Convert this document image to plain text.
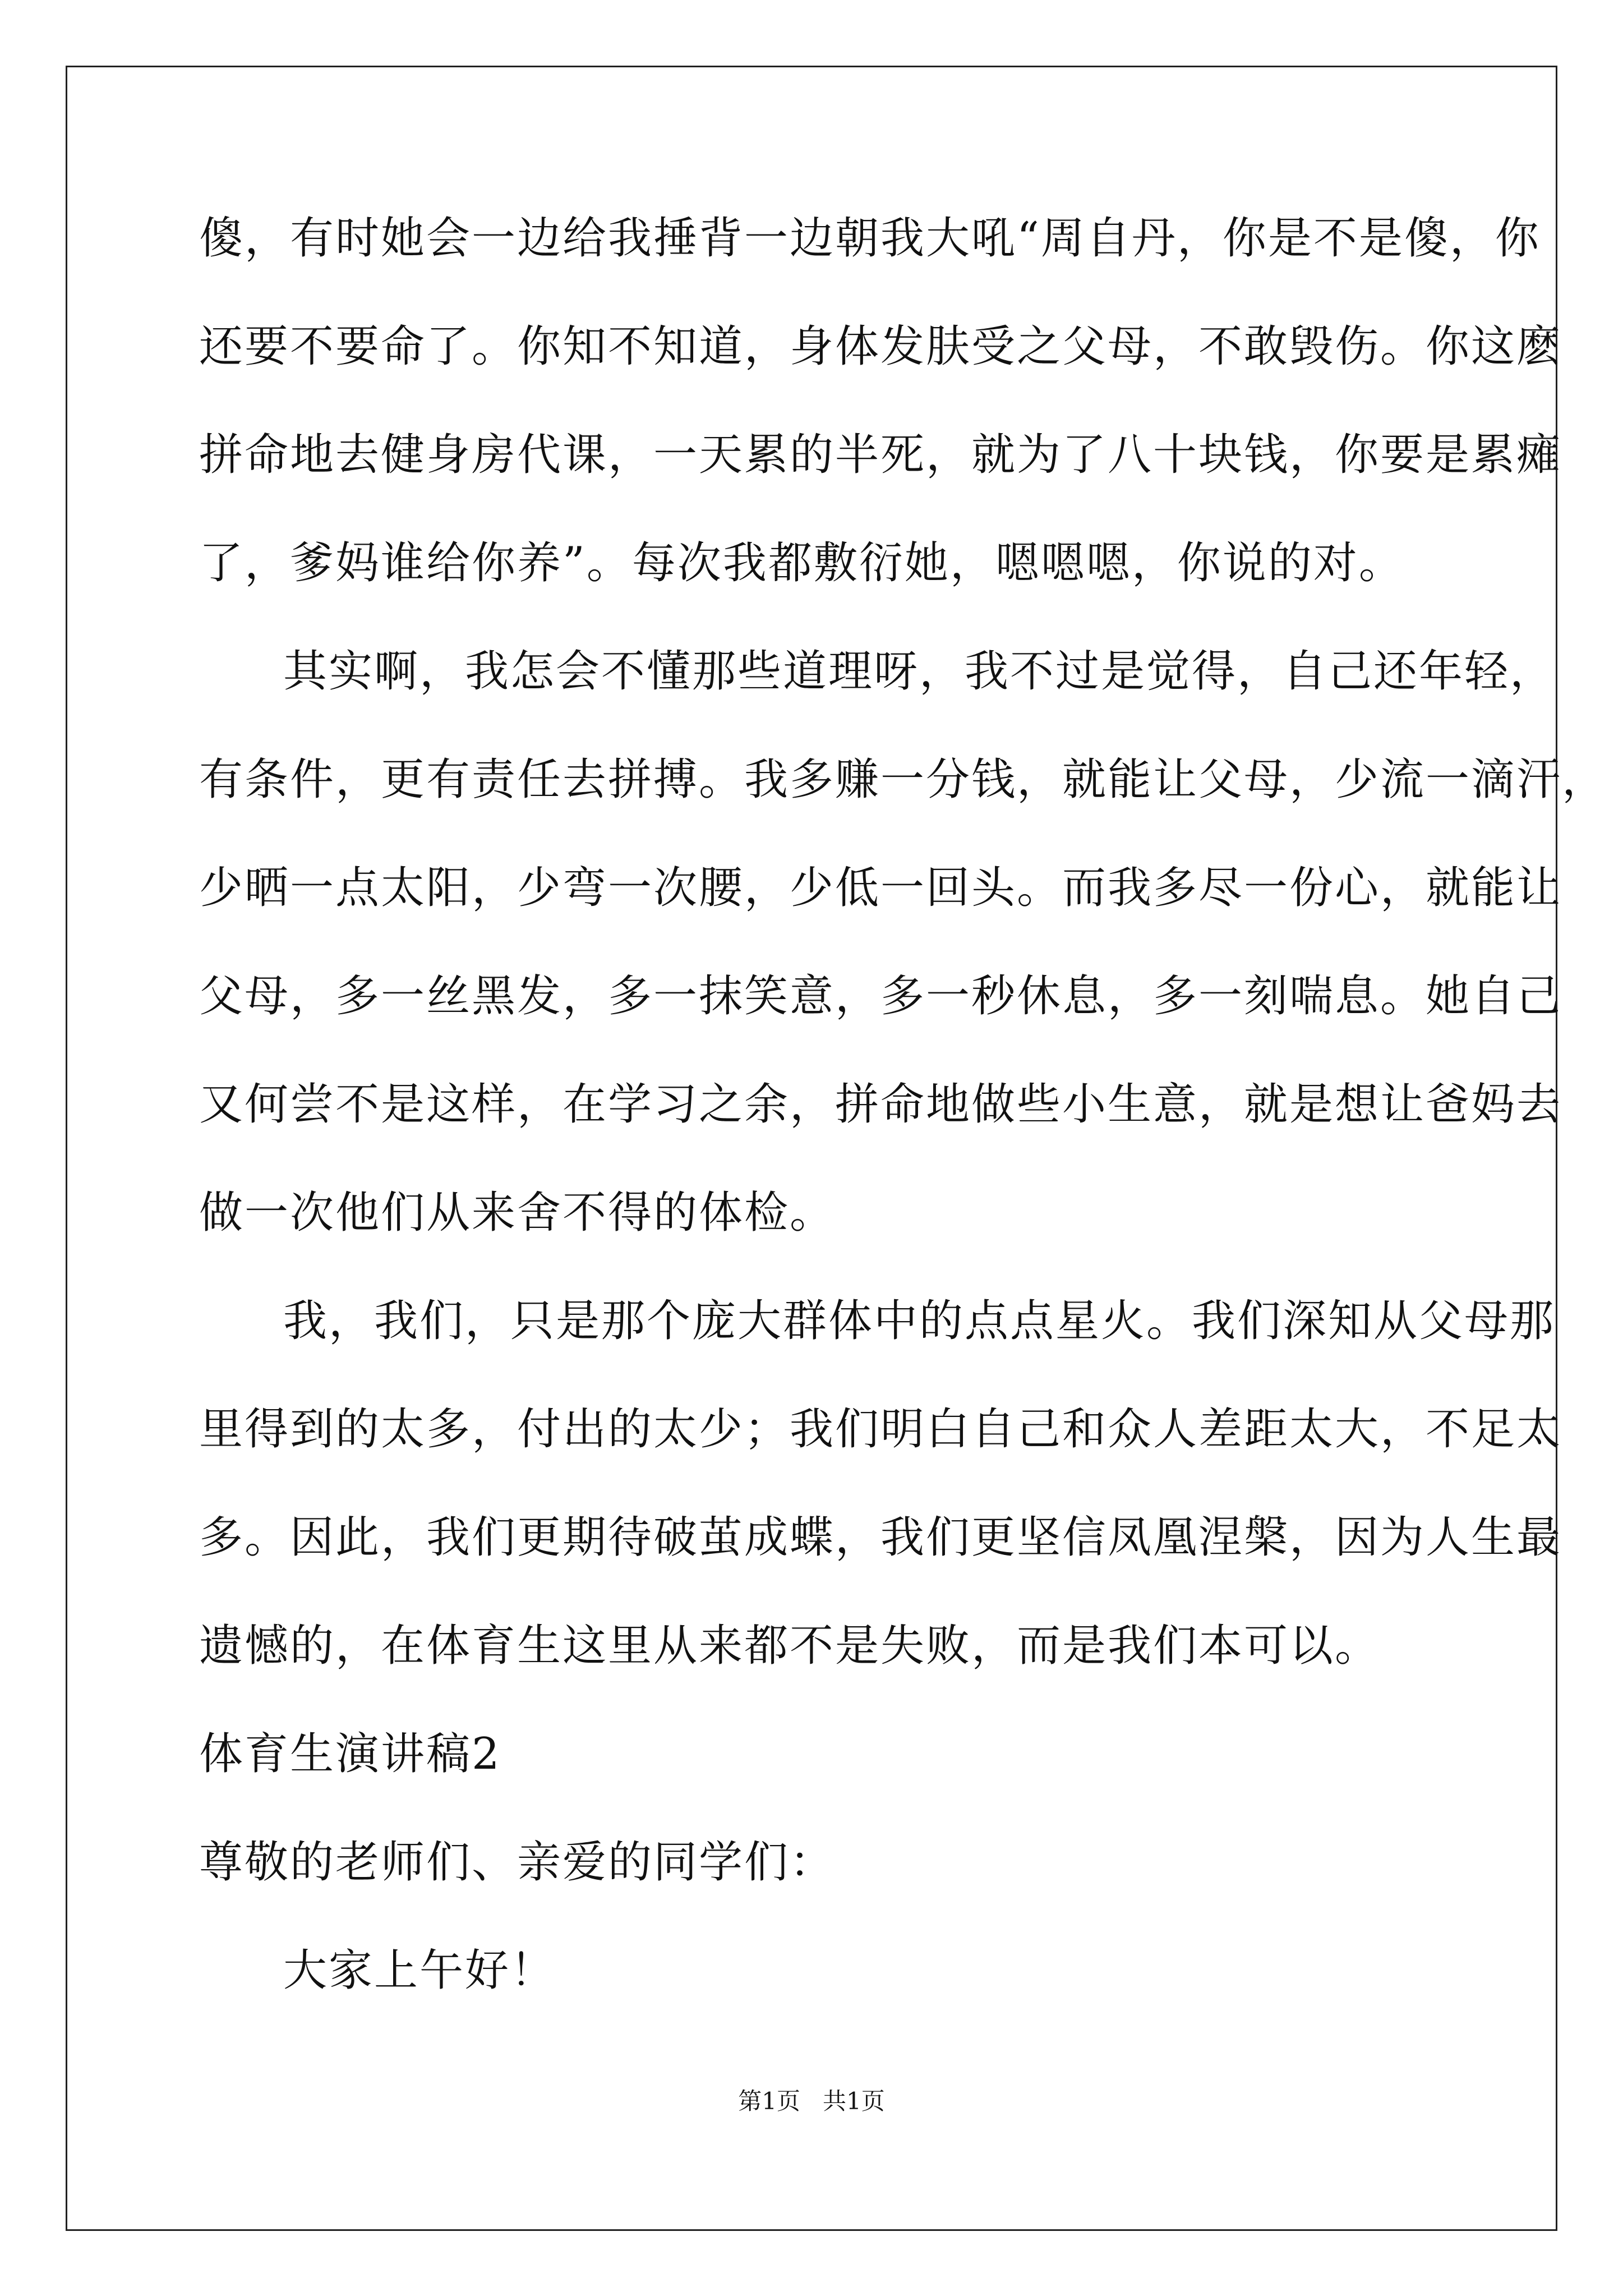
傻，有时她会一边给我捶背一边朝我大吼“周自丹，你是不是傻，你
还要不要命了。你知不知道，身体发肤受之父母，不敢毁伤。你这麽
拼命地去健身房代课，一天累的半死，就为了八十块钱，你要是累瘫
了，爹妈谁给你养”。每次我都敷衍她，嗯嗯嗯，你说的对。
其实啊，我怎会不懂那些道理呀，我不过是觉得，自己还年轻，
有条件，更有责任去拼搏。我多赚一分钱，就能让父母，少流一滴汗，
少晒一点太阳，少弯一次腰，少低一回头。而我多尽一份心，就能让
父母，多一丝黑发，多一抹笑意，多一秒休息，多一刻喘息。她自己
又何尝不是这样，在学习之余，拼命地做些小生意，就是想让爸妈去
做一次他们从来舍不得的体检。
我，我们，只是那个庞大群体中的点点星火。我们深知从父母那
里得到的太多，付出的太少；我们明白自己和众人差距太大，不足太
多。因此，我们更期待破茧成蝶，我们更坚信凤凰涅槃，因为人生最
遗憾的，在体育生这里从来都不是失败，而是我们本可以。
体育生演讲稿2
尊敬的老师们、亲爱的同学们：
大家上午好！
第1页   共1页
